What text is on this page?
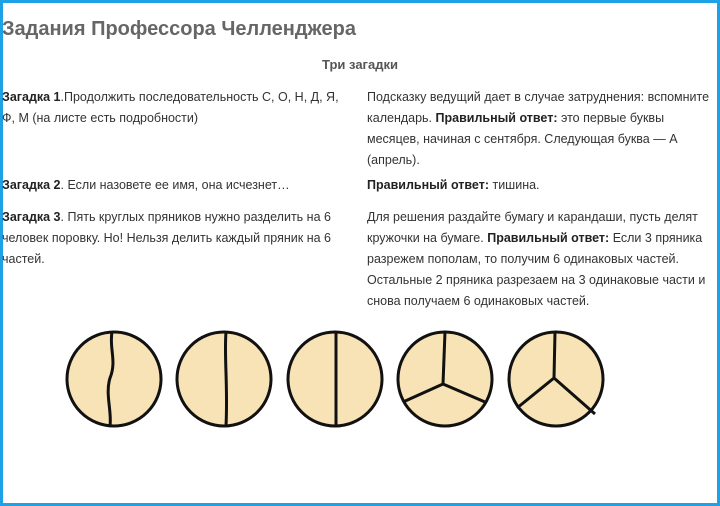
Задания Профессора Челленджера
Три загадки
Загадка 1.Продолжить последовательность С, О, Н, Д, Я, Ф, М (на листе есть подробности)
Подсказку ведущий дает в случае затруднения: вспомните календарь. Правильный ответ: это первые буквы месяцев, начиная с сентября. Следующая буква — А (апрель).
Загадка 2. Если назовете ее имя, она исчезнет…	Правильный ответ: тишина.
Загадка 3. Пять круглых пряников нужно разделить на 6 человек поровку. Но! Нельзя делить каждый пряник на 6 частей.
Для решения раздайте бумагу и карандаши, пусть делят кружочки на бумаге. Правильный ответ: Если 3 пряника разрежем пополам, то получим 6 одинаковых частей. Остальные 2 пряника разрезаем на 3 одинаковые части и снова получаем 6 одинаковых частей.
